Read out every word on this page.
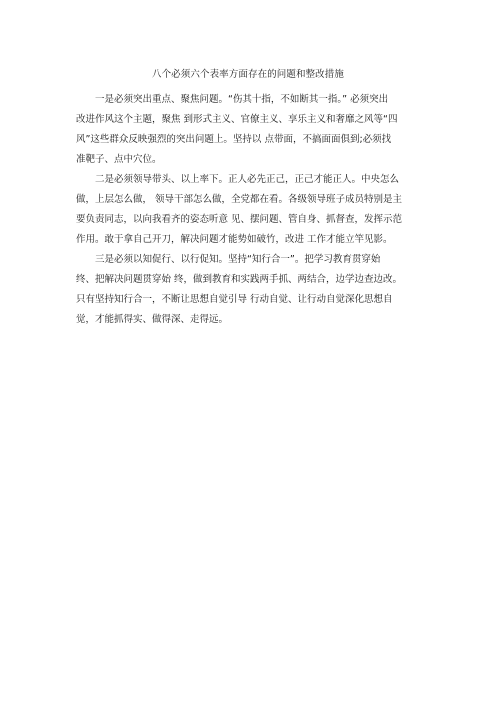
八个必须六个表率方面存在的问题和整改措施
一是必须突出重点、聚焦问题。“伤其十指，不如断其一指。” 必须突出
改进作风这个主题，聚焦 到形式主义、官僚主义、享乐主义和奢靡之风等“四
风”这些群众反映强烈的突出问题上。坚持以 点带面，不搞面面俱到;必须找
准靶子、点中穴位。
二是必须领导带头、以上率下。正人必先正己，正己才能正人。中央怎么
做，上层怎么做， 领导干部怎么做，全党都在看。各级领导班子成员特别是主
要负责同志，以向我看齐的姿态听意 见、摆问题、管自身、抓督查，发挥示范
作用。敢于拿自己开刀，解决问题才能势如破竹，改进 工作才能立竿见影。
三是必须以知促行、以行促知。坚持“知行合一”。把学习教育贯穿始
终、把解决问题贯穿始 终，做到教育和实践两手抓、两结合，边学边查边改。
只有坚持知行合一，不断让思想自觉引导 行动自觉、让行动自觉深化思想自
觉，才能抓得实、做得深、走得远。
